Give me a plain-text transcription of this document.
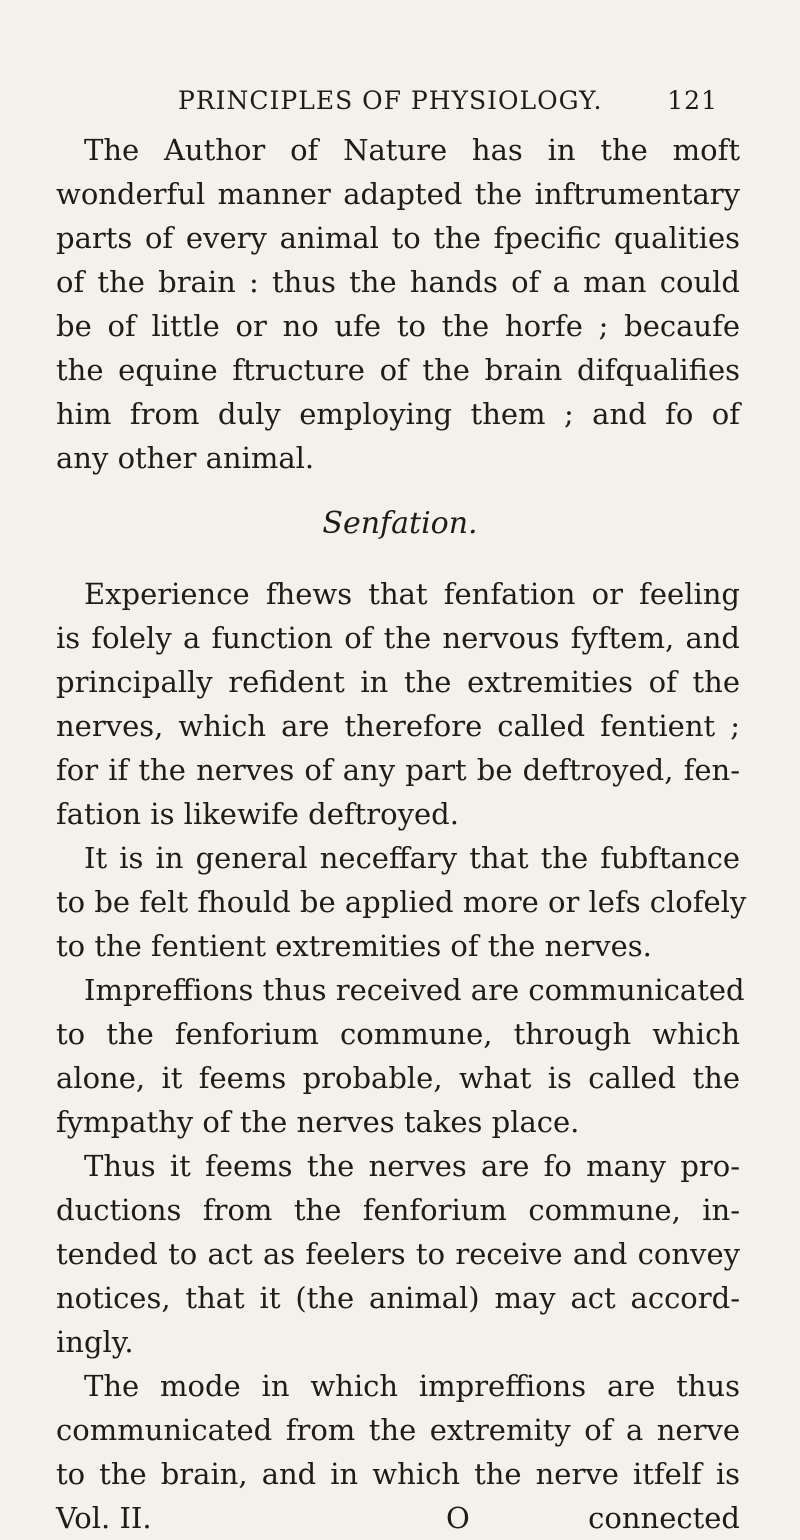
PRINCIPLES OF PHYSIOLOGY.	121
The Author of Nature has in the moft
wonderful manner adapted the inftrumentary
parts of every animal to the fpecific qualities
of the brain : thus the hands of a man could
be of little or no ufe to the horfe ; becaufe
the equine ftructure of the brain difqualifies
him from duly employing them ; and fo of
any other animal.
Senfation.
Experience fhews that fenfation or feeling
is folely a function of the nervous fyftem, and
principally refident in the extremities of the
nerves, which are therefore called fentient ;
for if the nerves of any part be deftroyed, fen-
fation is likewife deftroyed.
It is in general neceffary that the fubftance
to be felt fhould be applied more or lefs clofely
to the fentient extremities of the nerves.
Impreffions thus received are communicated
to the fenforium commune, through which
alone, it feems probable, what is called the
fympathy of the nerves takes place.
Thus it feems the nerves are fo many pro-
ductions from the fenforium commune, in-
tended to act as feelers to receive and convey
notices, that it (the animal) may act accord-
ingly.
The mode in which impreffions are thus
Vol. II.	O	connected
communicated from the extremity of a nerve
to the brain, and in which the nerve itfelf is
